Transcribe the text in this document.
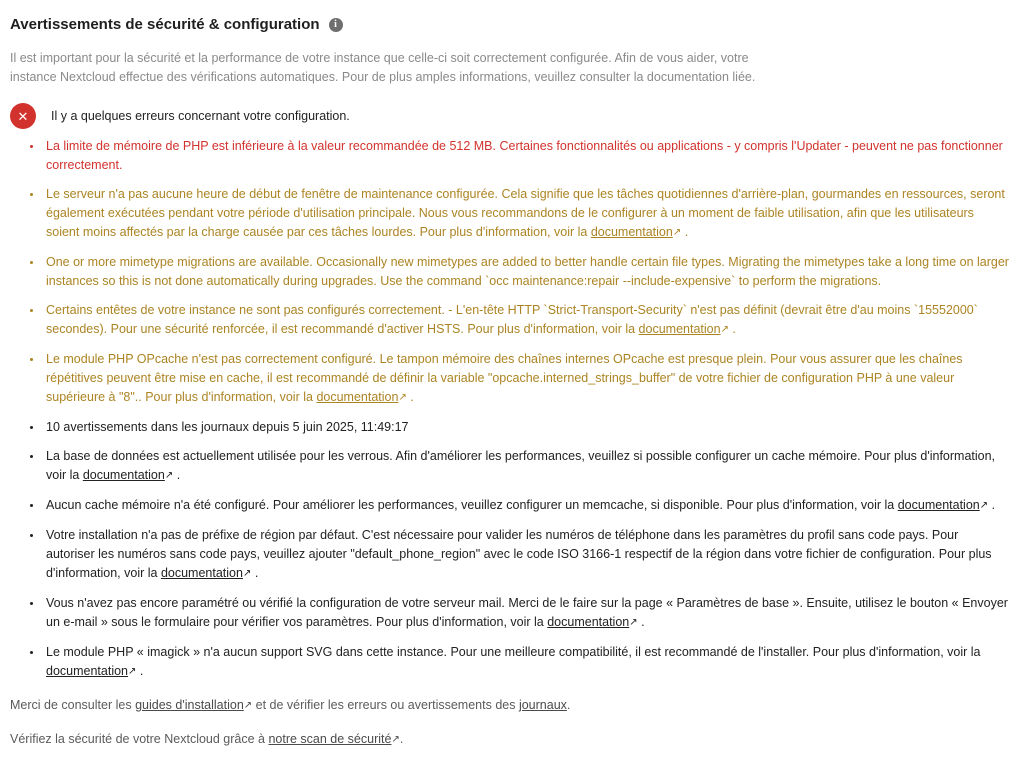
Avertissements de sécurité & configuration	i

Il est important pour la sécurité et la performance de votre instance que celle-ci soit correctement configurée. Afin de vous aider, votre instance Nextcloud effectue des vérifications automatiques. Pour de plus amples informations, veuillez consulter la documentation liée.

✕	Il y a quelques erreurs concernant votre configuration.
• La limite de mémoire de PHP est inférieure à la valeur recommandée de 512 MB. Certaines fonctionnalités ou applications - y compris l'Updater - peuvent ne pas fonctionner correctement.
• Le serveur n'a pas aucune heure de début de fenêtre de maintenance configurée. Cela signifie que les tâches quotidiennes d'arrière-plan, gourmandes en ressources, seront également exécutées pendant votre période d'utilisation principale. Nous vous recommandons de le configurer à un moment de faible utilisation, afin que les utilisateurs soient moins affectés par la charge causée par ces tâches lourdes. Pour plus d'information, voir la documentation↗ .
• One or more mimetype migrations are available. Occasionally new mimetypes are added to better handle certain file types. Migrating the mimetypes take a long time on larger instances so this is not done automatically during upgrades. Use the command `occ maintenance:repair --include-expensive` to perform the migrations.
• Certains entêtes de votre instance ne sont pas configurés correctement. - L'en-tête HTTP `Strict-Transport-Security` n'est pas définit (devrait être d'au moins `15552000` secondes). Pour une sécurité renforcée, il est recommandé d'activer HSTS. Pour plus d'information, voir la documentation↗ .
• Le module PHP OPcache n'est pas correctement configuré. Le tampon mémoire des chaînes internes OPcache est presque plein. Pour vous assurer que les chaînes répétitives peuvent être mise en cache, il est recommandé de définir la variable "opcache.interned_strings_buffer" de votre fichier de configuration PHP à une valeur supérieure à "8".. Pour plus d'information, voir la documentation↗ .
• 10 avertissements dans les journaux depuis 5 juin 2025, 11:49:17
• La base de données est actuellement utilisée pour les verrous. Afin d'améliorer les performances, veuillez si possible configurer un cache mémoire. Pour plus d'information, voir la documentation↗ .
• Aucun cache mémoire n'a été configuré. Pour améliorer les performances, veuillez configurer un memcache, si disponible. Pour plus d'information, voir la documentation↗ .
• Votre installation n'a pas de préfixe de région par défaut. C'est nécessaire pour valider les numéros de téléphone dans les paramètres du profil sans code pays. Pour autoriser les numéros sans code pays, veuillez ajouter "default_phone_region" avec le code ISO 3166-1 respectif de la région dans votre fichier de configuration. Pour plus d'information, voir la documentation↗ .
• Vous n'avez pas encore paramétré ou vérifié la configuration de votre serveur mail. Merci de le faire sur la page « Paramètres de base ». Ensuite, utilisez le bouton « Envoyer un e-mail » sous le formulaire pour vérifier vos paramètres. Pour plus d'information, voir la documentation↗ .
• Le module PHP « imagick » n'a aucun support SVG dans cette instance. Pour une meilleure compatibilité, il est recommandé de l'installer. Pour plus d'information, voir la documentation↗ .

Merci de consulter les guides d'installation↗ et de vérifier les erreurs ou avertissements des journaux.

Vérifiez la sécurité de votre Nextcloud grâce à notre scan de sécurité↗.
